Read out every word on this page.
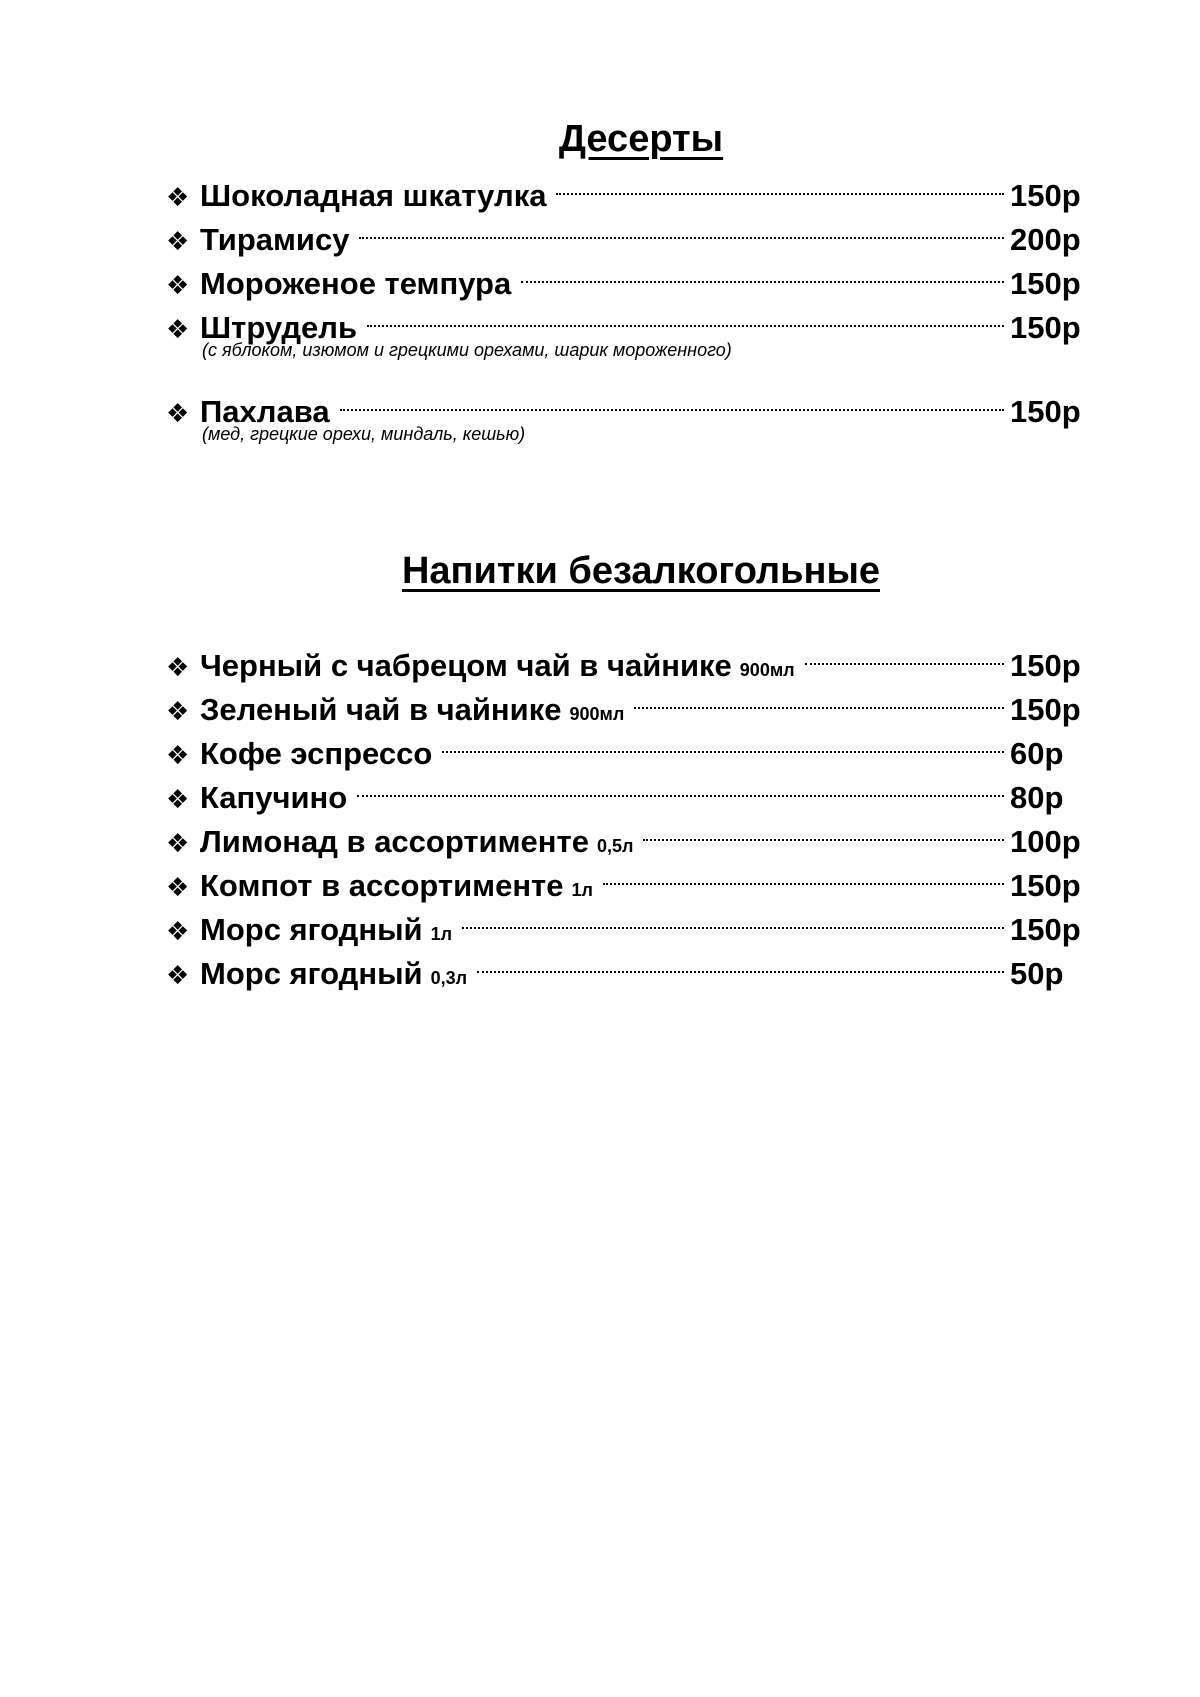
Десерты
❖ Шоколадная шкатулка	150р
❖ Тирамису	200р
❖ Мороженое темпура	150р
❖ Штрудель	150р
(с яблоком, изюмом и грецкими орехами, шарик мороженного)
❖ Пахлава	150р
(мед, грецкие орехи, миндаль, кешью)
Напитки безалкогольные
❖ Черный с чабрецом чай в чайнике 900мл	150р
❖ Зеленый чай в чайнике 900мл	150р
❖ Кофе эспрессо	60р
❖ Капучино	80р
❖ Лимонад в ассортименте 0,5л	100р
❖ Компот в ассортименте 1л	150р
❖ Морс ягодный 1л	150р
❖ Морс ягодный 0,3л	50р
